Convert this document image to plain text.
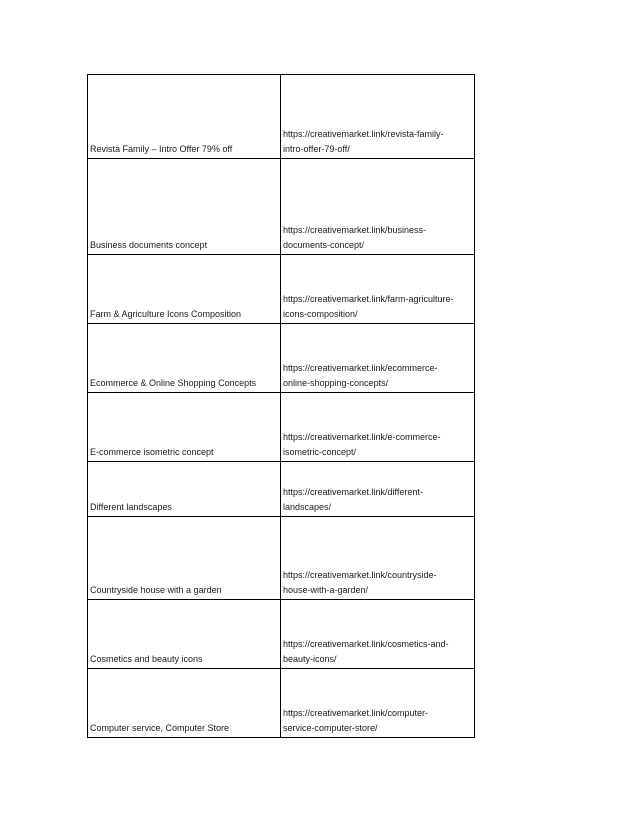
Revista Family – Intro Offer 79% off	https://creativemarket.link/revista-family-
intro-offer-79-off/

Business documents concept	https://creativemarket.link/business-
documents-concept/

Farm & Agriculture Icons Composition	https://creativemarket.link/farm-agriculture-
icons-composition/

Ecommerce & Online Shopping Concepts	https://creativemarket.link/ecommerce-
online-shopping-concepts/

E-commerce isometric concept	https://creativemarket.link/e-commerce-
isometric-concept/

Different landscapes	https://creativemarket.link/different-
landscapes/

Countryside house with a garden	https://creativemarket.link/countryside-
house-with-a-garden/

Cosmetics and beauty icons	https://creativemarket.link/cosmetics-and-
beauty-icons/

Computer service, Computer Store	https://creativemarket.link/computer-
service-computer-store/
